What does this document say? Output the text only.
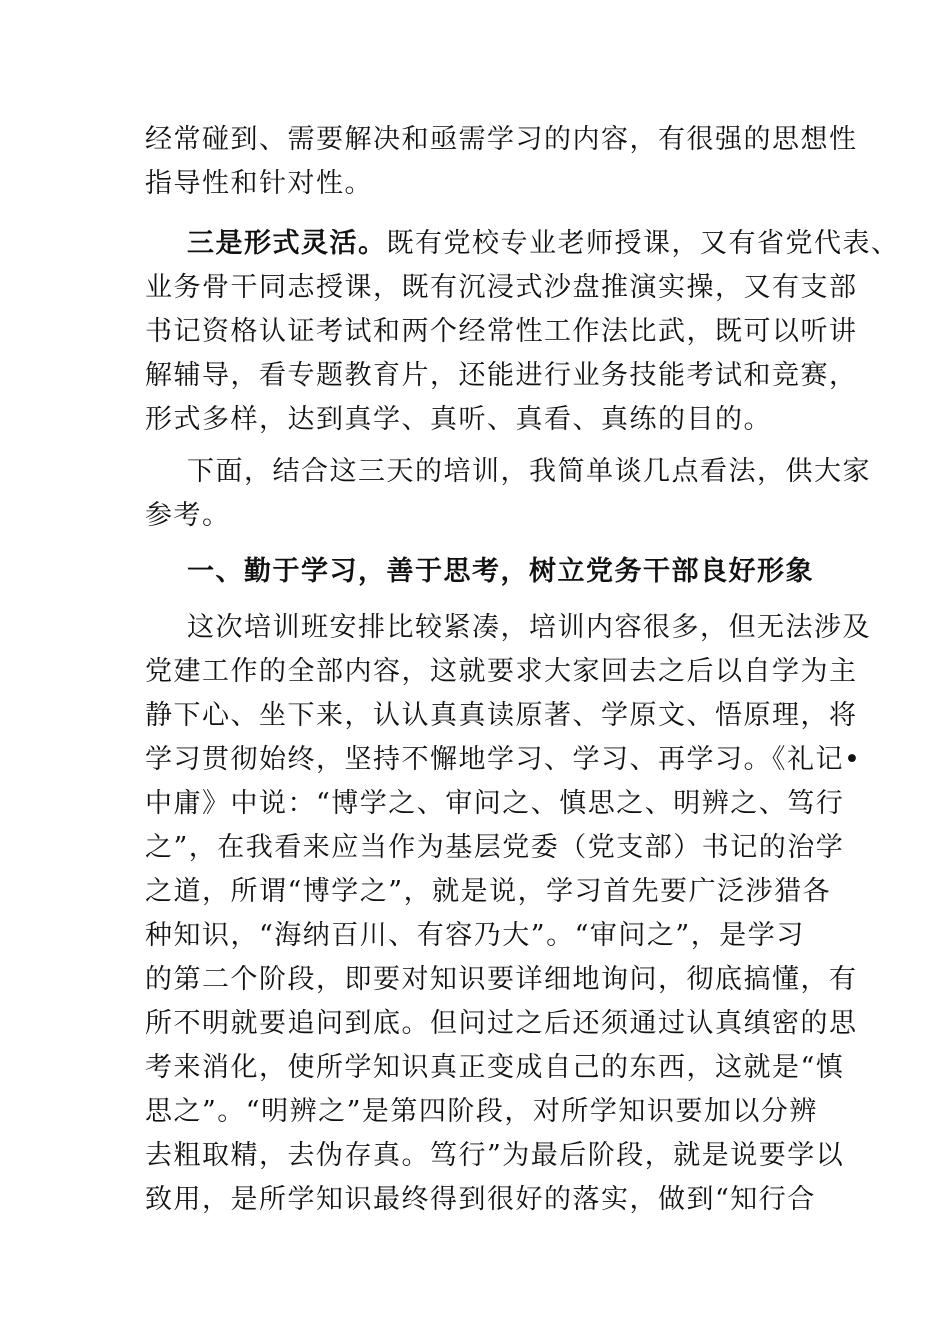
经常碰到、需要解决和亟需学习的内容，有很强的思想性
指导性和针对性。
三是形式灵活。既有党校专业老师授课，又有省党代表、
业务骨干同志授课，既有沉浸式沙盘推演实操，又有支部
书记资格认证考试和两个经常性工作法比武，既可以听讲
解辅导，看专题教育片，还能进行业务技能考试和竞赛，
形式多样，达到真学、真听、真看、真练的目的。
下面，结合这三天的培训，我简单谈几点看法，供大家
参考。
一、勤于学习，善于思考，树立党务干部良好形象
这次培训班安排比较紧凑，培训内容很多，但无法涉及
党建工作的全部内容，这就要求大家回去之后以自学为主
静下心、坐下来，认认真真读原著、学原文、悟原理，将
学习贯彻始终，坚持不懈地学习、学习、再学习。《礼记•
中庸》中说：“博学之、审问之、慎思之、明辨之、笃行
之”，在我看来应当作为基层党委（党支部）书记的治学
之道，所谓“博学之”，就是说，学习首先要广泛涉猎各
种知识，“海纳百川、有容乃大”。“审问之”，是学习
的第二个阶段，即要对知识要详细地询问，彻底搞懂，有
所不明就要追问到底。但问过之后还须通过认真缜密的思
考来消化，使所学知识真正变成自己的东西，这就是“慎
思之”。“明辨之”是第四阶段，对所学知识要加以分辨
去粗取精，去伪存真。笃行”为最后阶段，就是说要学以
致用，是所学知识最终得到很好的落实，做到“知行合
